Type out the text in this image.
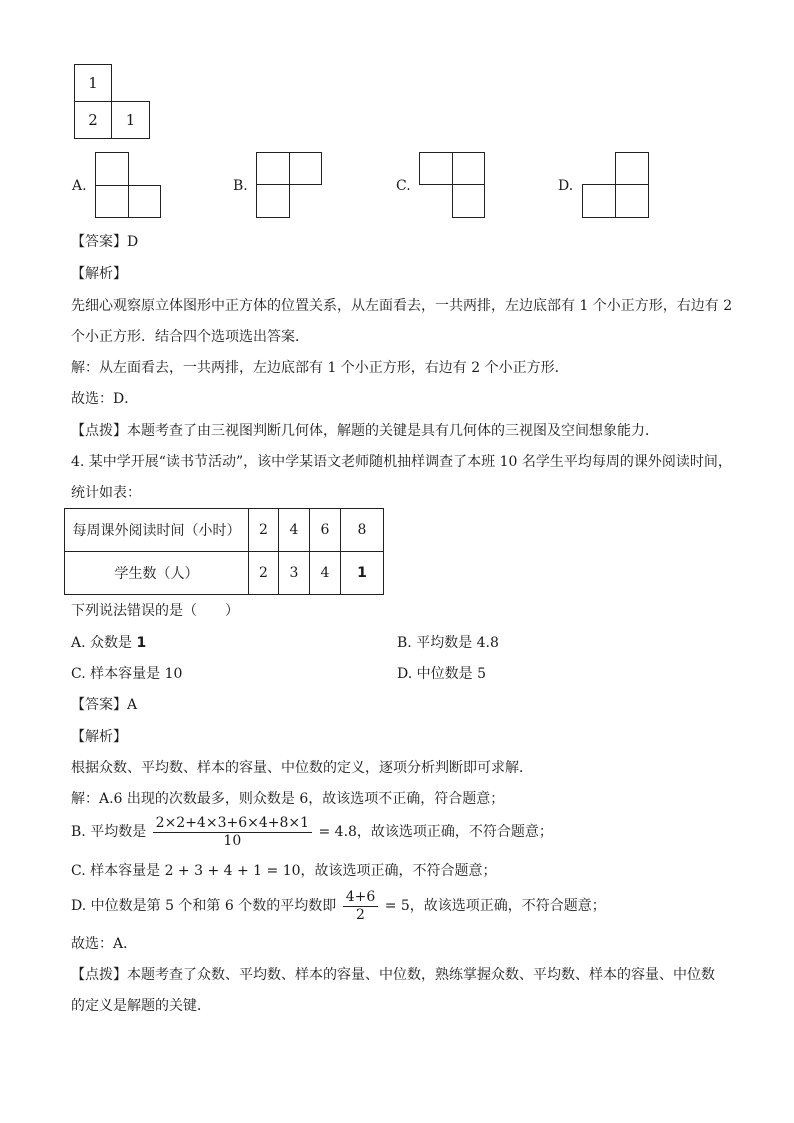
1
2	1
A.	B.	C.	D.
【答案】D
【解析】
先细心观察原立体图形中正方体的位置关系，从左面看去，一共两排，左边底部有 1 个小正方形，右边有 2
个小正方形．结合四个选项选出答案．
解：从左面看去，一共两排，左边底部有 1 个小正方形，右边有 2 个小正方形．
故选：D．
【点拨】本题考查了由三视图判断几何体，解题的关键是具有几何体的三视图及空间想象能力．
4. 某中学开展“读书节活动”，该中学某语文老师随机抽样调查了本班 10 名学生平均每周的课外阅读时间，
统计如表：
每周课外阅读时间（小时）	2	4	6	8
学生数（人）	2	3	4	1
下列说法错误的是（　　）
A. 众数是 1	B. 平均数是 4.8
C. 样本容量是 10	D. 中位数是 5
【答案】A
【解析】
根据众数、平均数、样本的容量、中位数的定义，逐项分析判断即可求解．
解：A.6 出现的次数最多，则众数是 6，故该选项不正确，符合题意；
B. 平均数是 $\frac{2\times 2+4\times 3+6\times 4+8\times 1}{10} = 4.8$，故该选项正确，不符合题意；
C. 样本容量是 2 + 3 + 4 + 1 = 10，故该选项正确，不符合题意；
D. 中位数是第 5 个和第 6 个数的平均数即 $\frac{4+6}{2} = 5$，故该选项正确，不符合题意；
故选：A．
【点拨】本题考查了众数、平均数、样本的容量、中位数，熟练掌握众数、平均数、样本的容量、中位数
的定义是解题的关键．
